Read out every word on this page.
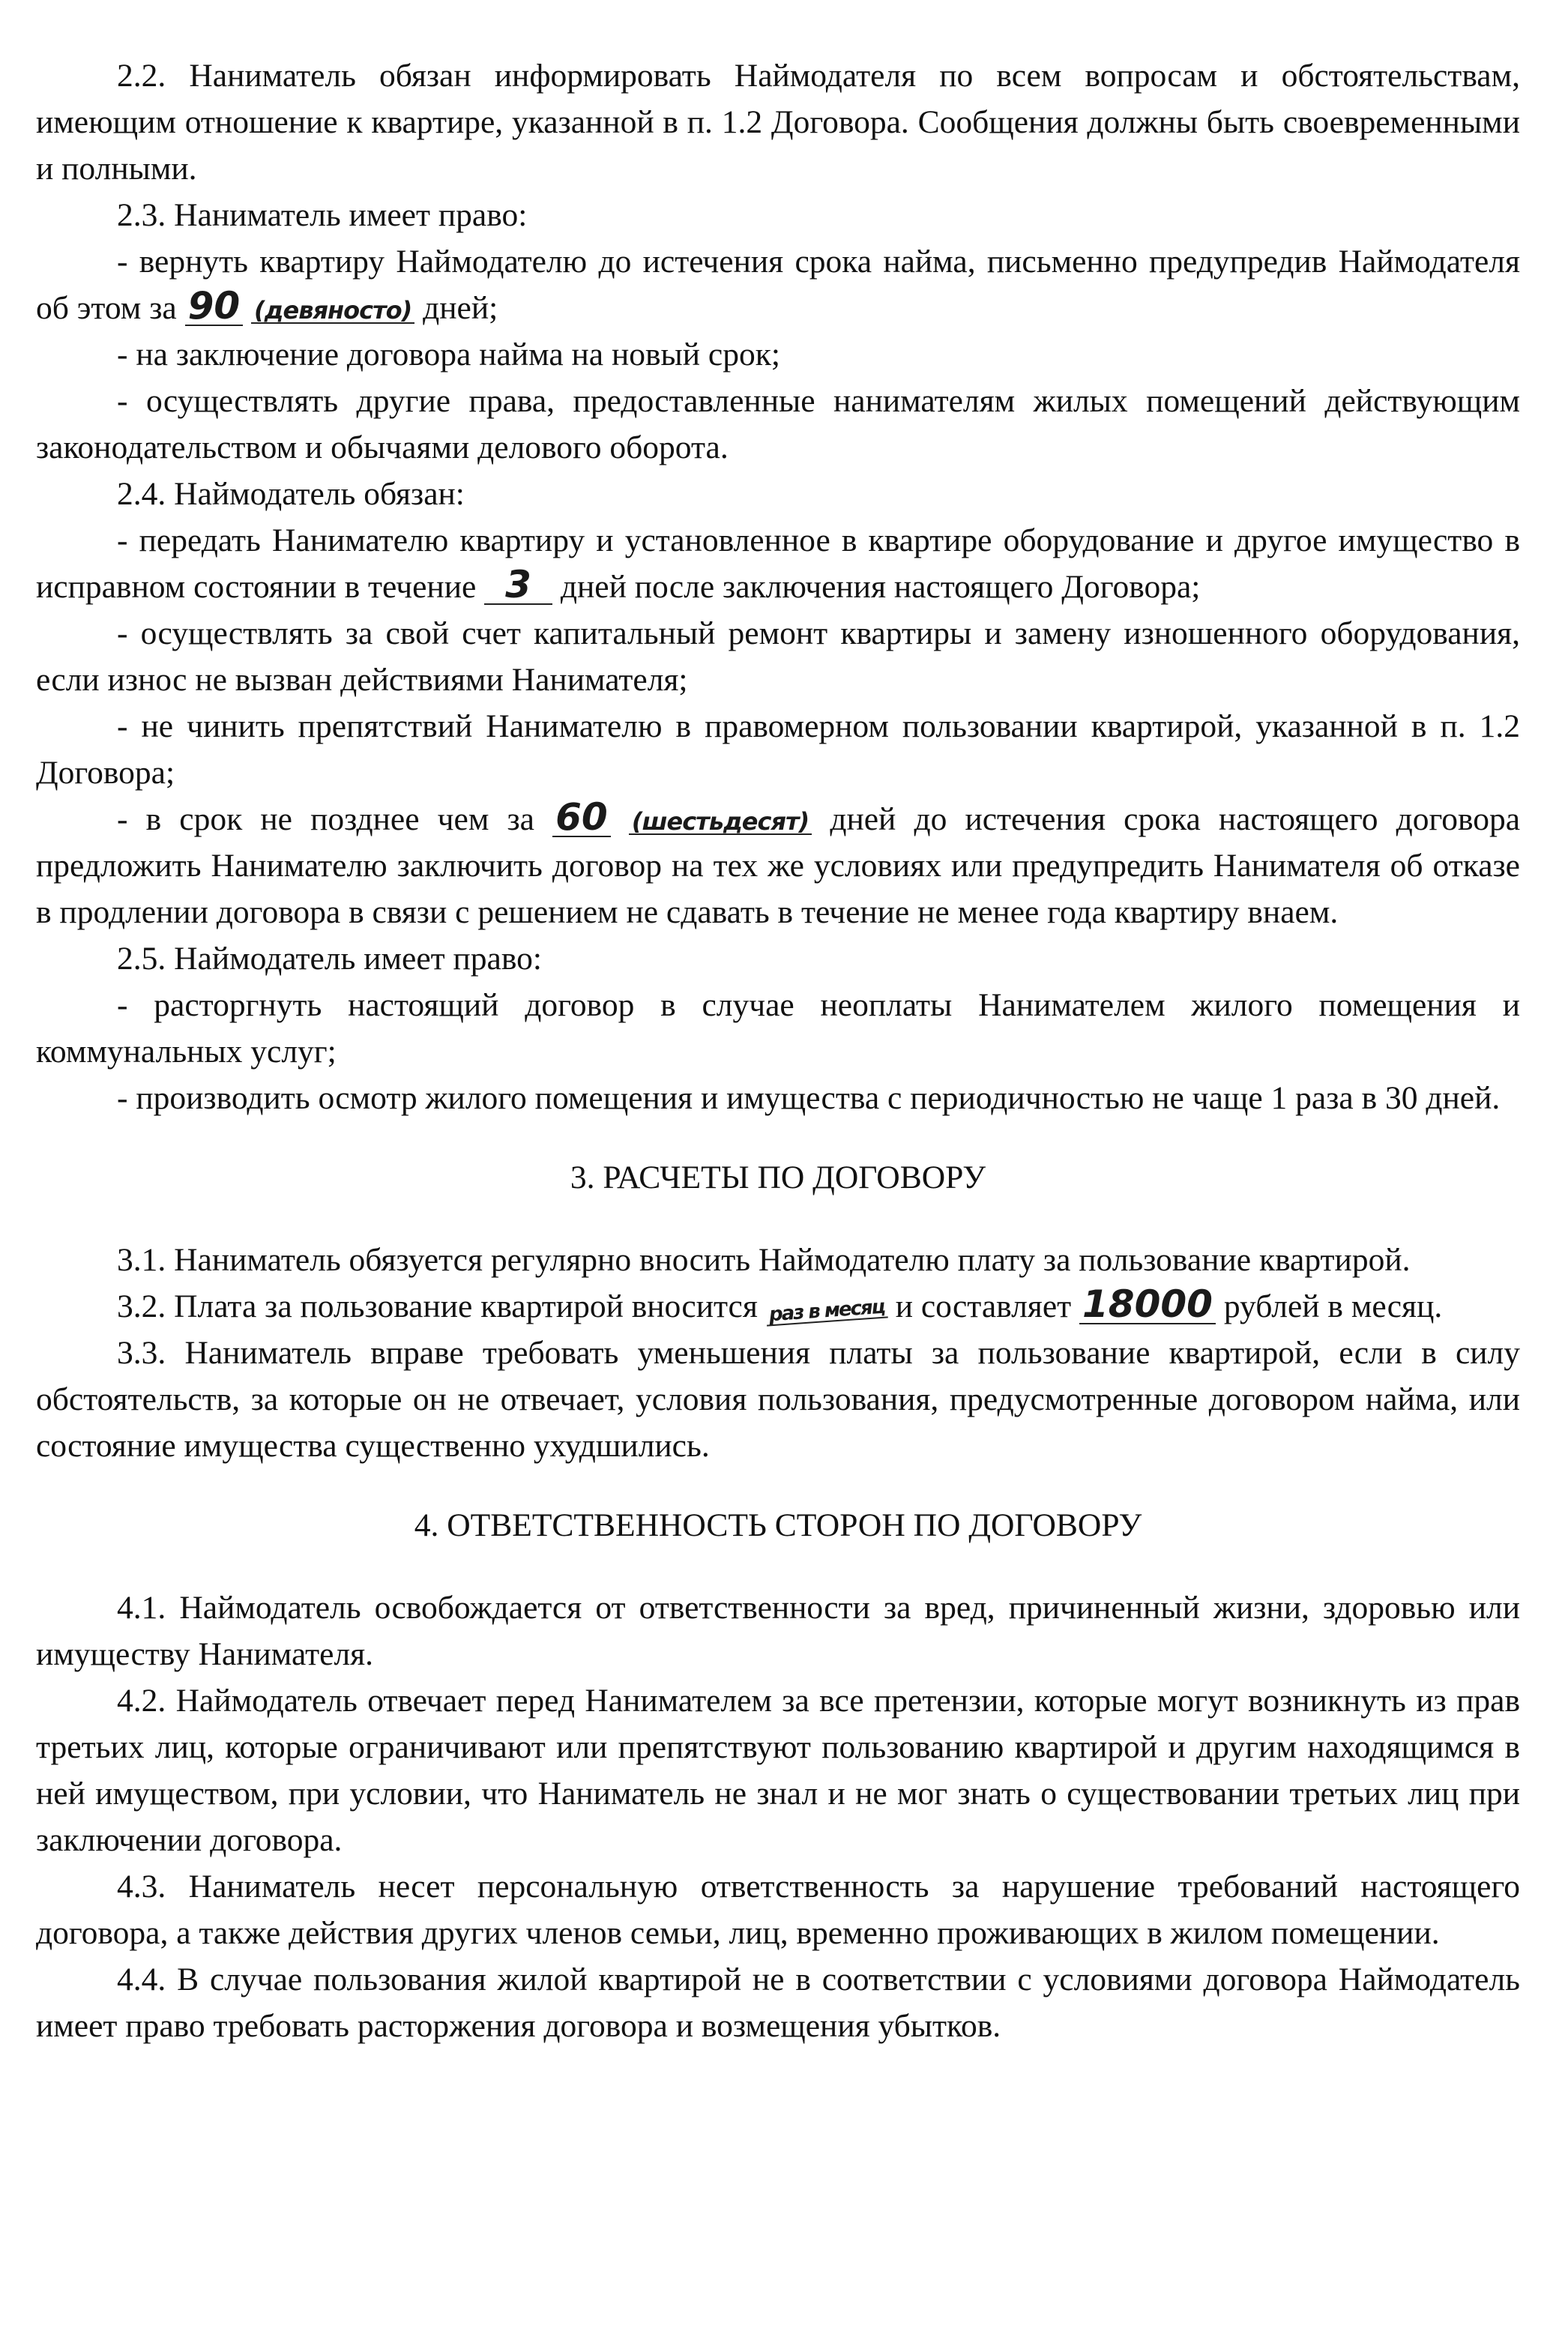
2.2. Наниматель обязан информировать Наймодателя по всем вопросам и обстоятельствам, имеющим отношение к квартире, указанной в п. 1.2 Договора. Сообщения должны быть своевременными и полными.

2.3. Наниматель имеет право:

- вернуть квартиру Наймодателю до истечения срока найма, письменно предупредив Наймодателя об этом за 90 (девяносто) дней;

- на заключение договора найма на новый срок;

- осуществлять другие права, предоставленные нанимателям жилых помещений действующим законодательством и обычаями делового оборота.

2.4. Наймодатель обязан:

- передать Нанимателю квартиру и установленное в квартире оборудование и другое имущество в исправном состоянии в течение 3 дней после заключения настоящего Договора;

- осуществлять за свой счет капитальный ремонт квартиры и замену изношенного оборудования, если износ не вызван действиями Нанимателя;

- не чинить препятствий Нанимателю в правомерном пользовании квартирой, указанной в п. 1.2 Договора;

- в срок не позднее чем за 60 (шестьдесят) дней до истечения срока настоящего договора предложить Нанимателю заключить договор на тех же условиях или предупредить Нанимателя об отказе в продлении договора в связи с решением не сдавать в течение не менее года квартиру внаем.

2.5. Наймодатель имеет право:

- расторгнуть настоящий договор в случае неоплаты Нанимателем жилого помещения и коммунальных услуг;

- производить осмотр жилого помещения и имущества с периодичностью не чаще 1 раза в 30 дней.

3. РАСЧЕТЫ ПО ДОГОВОРУ

3.1. Наниматель обязуется регулярно вносить Наймодателю плату за пользование квартирой.

3.2. Плата за пользование квартирой вносится раз в месяц и составляет 18000 рублей в месяц.

3.3. Наниматель вправе требовать уменьшения платы за пользование квартирой, если в силу обстоятельств, за которые он не отвечает, условия пользования, предусмотренные договором найма, или состояние имущества существенно ухудшились.

4. ОТВЕТСТВЕННОСТЬ СТОРОН ПО ДОГОВОРУ

4.1. Наймодатель освобождается от ответственности за вред, причиненный жизни, здоровью или имуществу Нанимателя.

4.2. Наймодатель отвечает перед Нанимателем за все претензии, которые могут возникнуть из прав третьих лиц, которые ограничивают или препятствуют пользованию квартирой и другим находящимся в ней имуществом, при условии, что Наниматель не знал и не мог знать о существовании третьих лиц при заключении договора.

4.3. Наниматель несет персональную ответственность за нарушение требований настоящего договора, а также действия других членов семьи, лиц, временно проживающих в жилом помещении.

4.4. В случае пользования жилой квартирой не в соответствии с условиями договора Наймодатель имеет право требовать расторжения договора и возмещения убытков.
